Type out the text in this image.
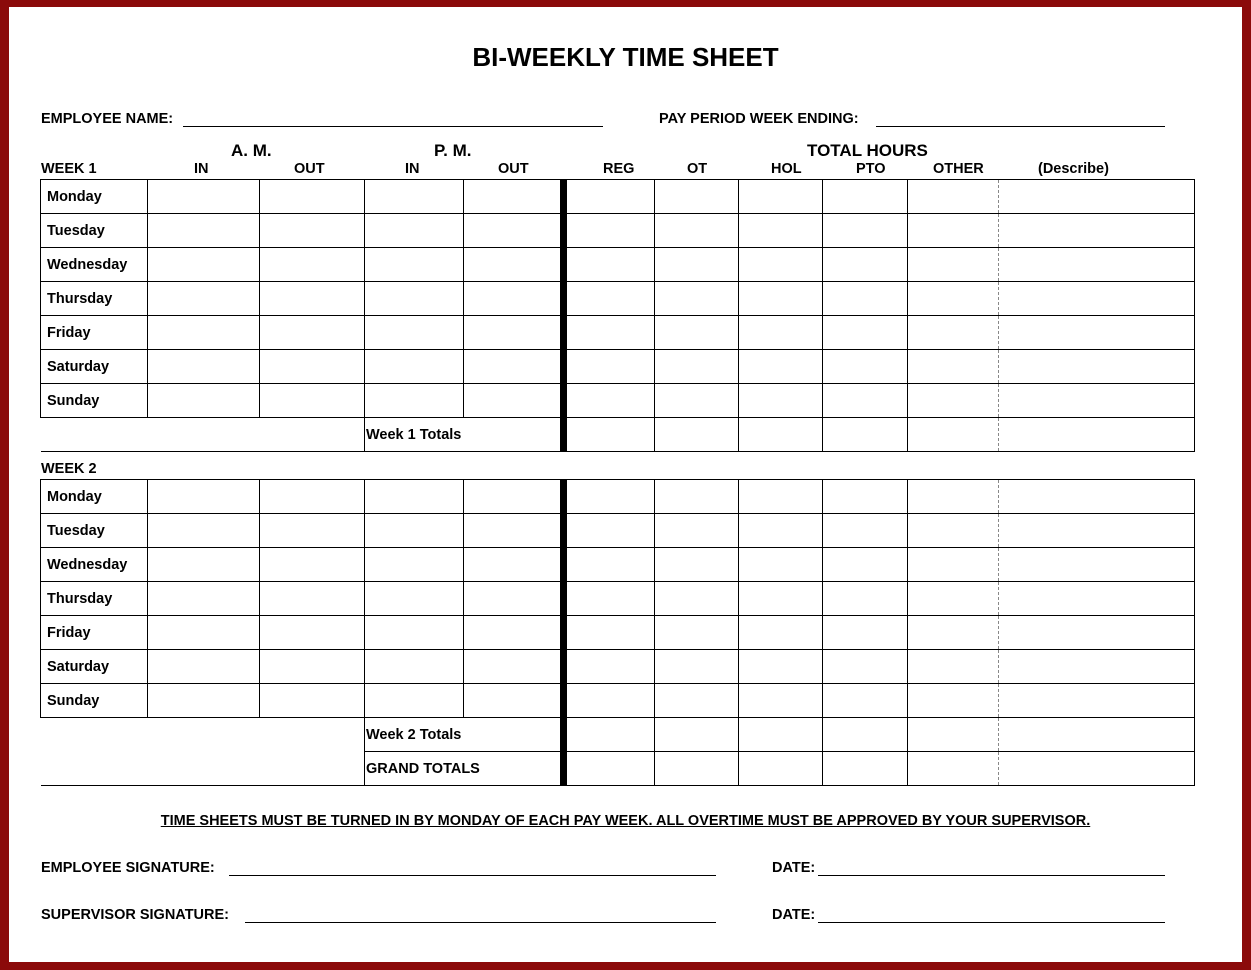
BI-WEEKLY TIME SHEET
EMPLOYEE NAME:	PAY PERIOD WEEK ENDING:
A. M.	P. M.	TOTAL HOURS
WEEK 1	IN	OUT	IN	OUT	REG	OT	HOL	PTO	OTHER	(Describe)
Monday										
Tuesday										
Wednesday										
Thursday										
Friday										
Saturday										
Sunday										
			Week 1 Totals							
WEEK 2
Monday										
Tuesday										
Wednesday										
Thursday										
Friday										
Saturday										
Sunday										
			Week 2 Totals							
			GRAND TOTALS							
TIME SHEETS MUST BE TURNED IN BY MONDAY OF EACH PAY WEEK. ALL OVERTIME MUST BE APPROVED BY YOUR SUPERVISOR.
EMPLOYEE SIGNATURE:	DATE:
SUPERVISOR SIGNATURE:	DATE:
